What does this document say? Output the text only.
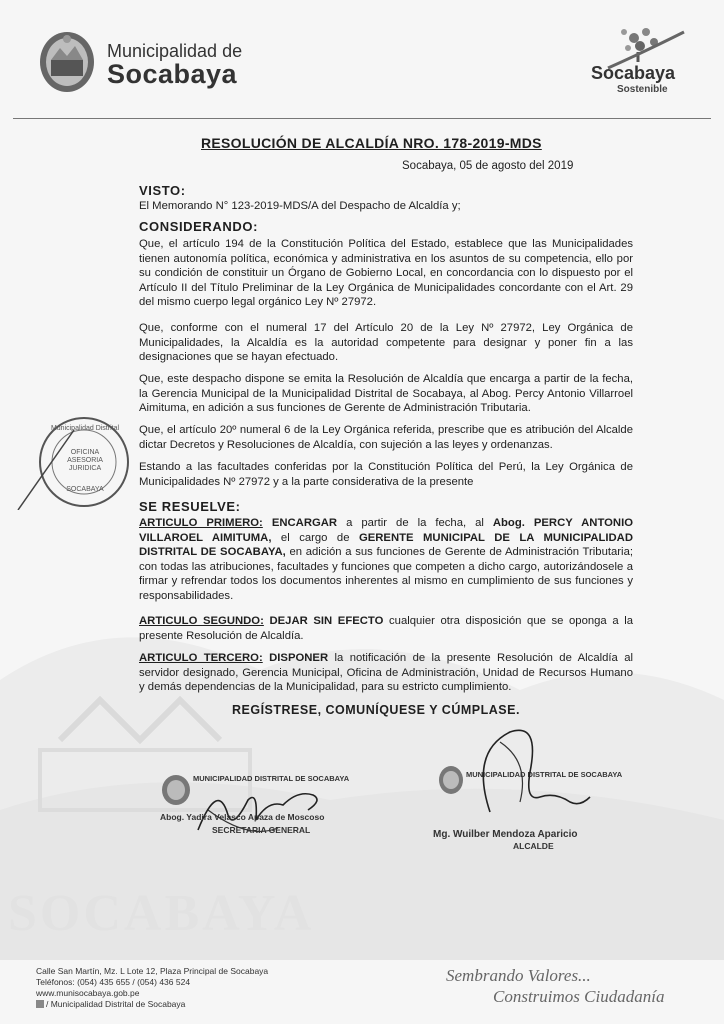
SOCABAYA
Municipalidad de
Socabaya	Socabaya
Sostenible
RESOLUCIÓN DE ALCALDÍA NRO. 178-2019-MDS
Socabaya, 05 de agosto del 2019
VISTO:
El Memorando N° 123-2019-MDS/A del Despacho de Alcaldía y;
CONSIDERANDO:
Que, el artículo 194 de la Constitución Política del Estado, establece que las Municipalidades tienen autonomía política, económica y administrativa en los asuntos de su competencia, ello por su condición de constituir un Órgano de Gobierno Local, en concordancia con lo dispuesto por el Artículo II del Título Preliminar de la Ley Orgánica de Municipalidades concordante con el Art. 29 del mismo cuerpo legal orgánico Ley Nº 27972.
Que, conforme con el numeral 17 del Artículo 20 de la Ley Nº 27972, Ley Orgánica de Municipalidades, la Alcaldía es la autoridad competente para designar y poner fin a las designaciones que se hayan efectuado.
Que, este despacho dispone se emita la Resolución de Alcaldía que encarga a partir de la fecha, la Gerencia Municipal de la Municipalidad Distrital de Socabaya, al Abog. Percy Antonio Villarroel Aimituma, en adición a sus funciones de Gerente de Administración Tributaria.
Que, el artículo 20º numeral 6 de la Ley Orgánica referida, prescribe que es atribución del Alcalde dictar Decretos y Resoluciones de Alcaldía, con sujeción a las leyes y ordenanzas.
Estando a las facultades conferidas por la Constitución Política del Perú, la Ley Orgánica de Municipalidades Nº 27972 y a la parte considerativa de la presente
SE RESUELVE:
ARTICULO PRIMERO: ENCARGAR a partir de la fecha, al Abog. PERCY ANTONIO VILLAROEL AIMITUMA, el cargo de GERENTE MUNICIPAL DE LA MUNICIPALIDAD DISTRITAL DE SOCABAYA, en adición a sus funciones de Gerente de Administración Tributaria; con todas las atribuciones, facultades y funciones que competen a dicho cargo, autorizándosele a firmar y refrendar todos los documentos inherentes al mismo en cumplimiento de sus funciones y responsabilidades.
ARTICULO SEGUNDO: DEJAR SIN EFECTO cualquier otra disposición que se oponga a la presente Resolución de Alcaldía.
ARTICULO TERCERO: DISPONER la notificación de la presente Resolución de Alcaldía al servidor designado, Gerencia Municipal, Oficina de Administración, Unidad de Recursos Humano y demás dependencias de la Municipalidad, para su estricto cumplimiento.
REGÍSTRESE, COMUNÍQUESE Y CÚMPLASE.
Municipalidad Distrital
OFICINA ASESORIA JURIDICA
SOCABAYA
MUNICIPALIDAD DISTRITAL DE SOCABAYA
Abog. Yadira Velasco Apaza de Moscoso
SECRETARIA GENERAL
MUNICIPALIDAD DISTRITAL DE SOCABAYA
Mg. Wuilber Mendoza Aparicio
ALCALDE
Calle San Martín, Mz. L Lote 12, Plaza Principal de Socabaya
Teléfonos: (054) 435 655 / (054) 436 524
www.munisocabaya.gob.pe
/ Municipalidad Distrital de Socabaya
Sembrando Valores...
Construimos Ciudadanía
